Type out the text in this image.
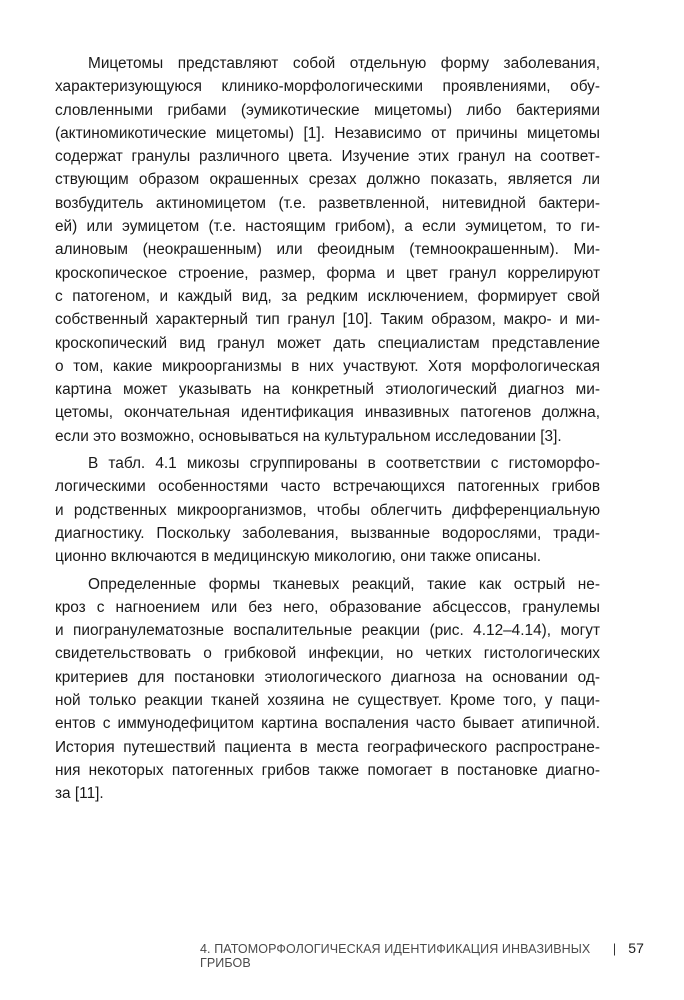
Мицетомы представляют собой отдельную форму заболевания,
характеризующуюся клинико-морфологическими проявлениями, обу-
словленными грибами (эумикотические мицетомы) либо бактериями
(актиномикотические мицетомы) [1]. Независимо от причины мицетомы
содержат гранулы различного цвета. Изучение этих гранул на соответ-
ствующим образом окрашенных срезах должно показать, является ли
возбудитель актиномицетом (т.е. разветвленной, нитевидной бактери-
ей) или эумицетом (т.е. настоящим грибом), а если эумицетом, то ги-
алиновым (неокрашенным) или феоидным (темноокрашенным). Ми-
кроскопическое строение, размер, форма и цвет гранул коррелируют
с патогеном, и каждый вид, за редким исключением, формирует свой
собственный характерный тип гранул [10]. Таким образом, макро- и ми-
кроскопический вид гранул может дать специалистам представление
о том, какие микроорганизмы в них участвуют. Хотя морфологическая
картина может указывать на конкретный этиологический диагноз ми-
цетомы, окончательная идентификация инвазивных патогенов должна,
если это возможно, основываться на культуральном исследовании [3].
В табл. 4.1 микозы сгруппированы в соответствии с гистоморфо-
логическими особенностями часто встречающихся патогенных грибов
и родственных микроорганизмов, чтобы облегчить дифференциальную
диагностику. Поскольку заболевания, вызванные водорослями, тради-
ционно включаются в медицинскую микологию, они также описаны.
Определенные формы тканевых реакций, такие как острый не-
кроз с нагноением или без него, образование абсцессов, гранулемы
и пиогранулематозные воспалительные реакции (рис. 4.12–4.14), могут
свидетельствовать о грибковой инфекции, но четких гистологических
критериев для постановки этиологического диагноза на основании од-
ной только реакции тканей хозяина не существует. Кроме того, у паци-
ентов с иммунодефицитом картина воспаления часто бывает атипичной.
История путешествий пациента в места географического распростране-
ния некоторых патогенных грибов также помогает в постановке диагно-
за [11].
4. ПАТОМОРФОЛОГИЧЕСКАЯ ИДЕНТИФИКАЦИЯ ИНВАЗИВНЫХ ГРИБОВ
| 57
